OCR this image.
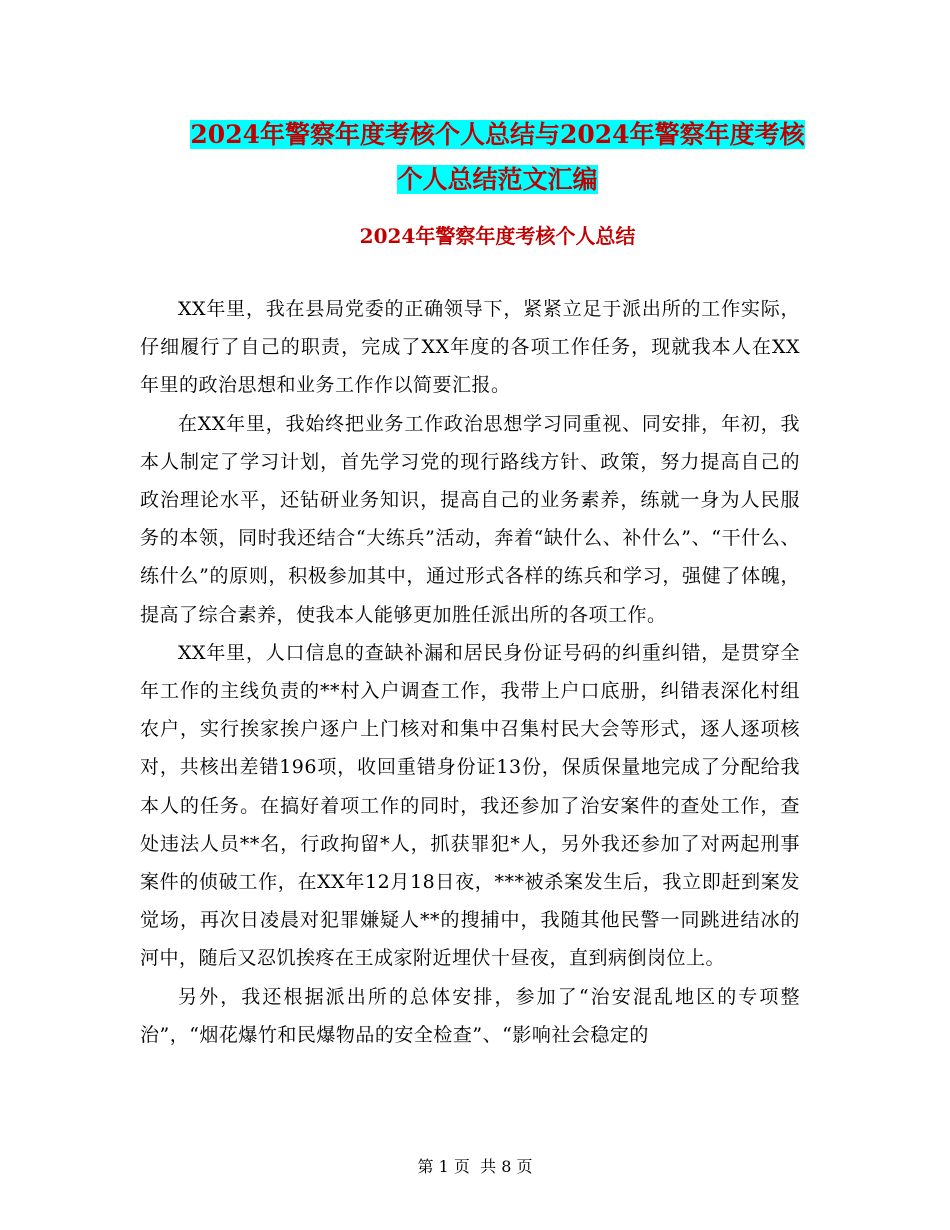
2024年警察年度考核个人总结与2024年警察年度考核
个人总结范文汇编
2024年警察年度考核个人总结

XX年里，我在县局党委的正确领导下，紧紧立足于派出所的工作实际，仔细履行了自己的职责，完成了XX年度的各项工作任务，现就我本人在XX年里的政治思想和业务工作作以简要汇报。

在XX年里，我始终把业务工作政治思想学习同重视、同安排，年初，我本人制定了学习计划，首先学习党的现行路线方针、政策，努力提高自己的政治理论水平，还钻研业务知识，提高自己的业务素养，练就一身为人民服务的本领，同时我还结合“大练兵”活动，奔着“缺什么、补什么”、“干什么、练什么”的原则，积极参加其中，通过形式各样的练兵和学习，强健了体魄，提高了综合素养，使我本人能够更加胜任派出所的各项工作。

XX年里，人口信息的查缺补漏和居民身份证号码的纠重纠错，是贯穿全年工作的主线负责的**村入户调查工作，我带上户口底册，纠错表深化村组农户，实行挨家挨户逐户上门核对和集中召集村民大会等形式，逐人逐项核对，共核出差错196项，收回重错身份证13份，保质保量地完成了分配给我本人的任务。在搞好着项工作的同时，我还参加了治安案件的查处工作，查处违法人员**名，行政拘留*人，抓获罪犯*人，另外我还参加了对两起刑事案件的侦破工作，在XX年12月18日夜，***被杀案发生后，我立即赶到案发觉场，再次日凌晨对犯罪嫌疑人**的搜捕中，我随其他民警一同跳进结冰的河中，随后又忍饥挨疼在王成家附近埋伏十昼夜，直到病倒岗位上。

另外，我还根据派出所的总体安排，参加了“治安混乱地区的专项整治”，“烟花爆竹和民爆物品的安全检查”、“影响社会稳定的

第 1 页  共 8 页
